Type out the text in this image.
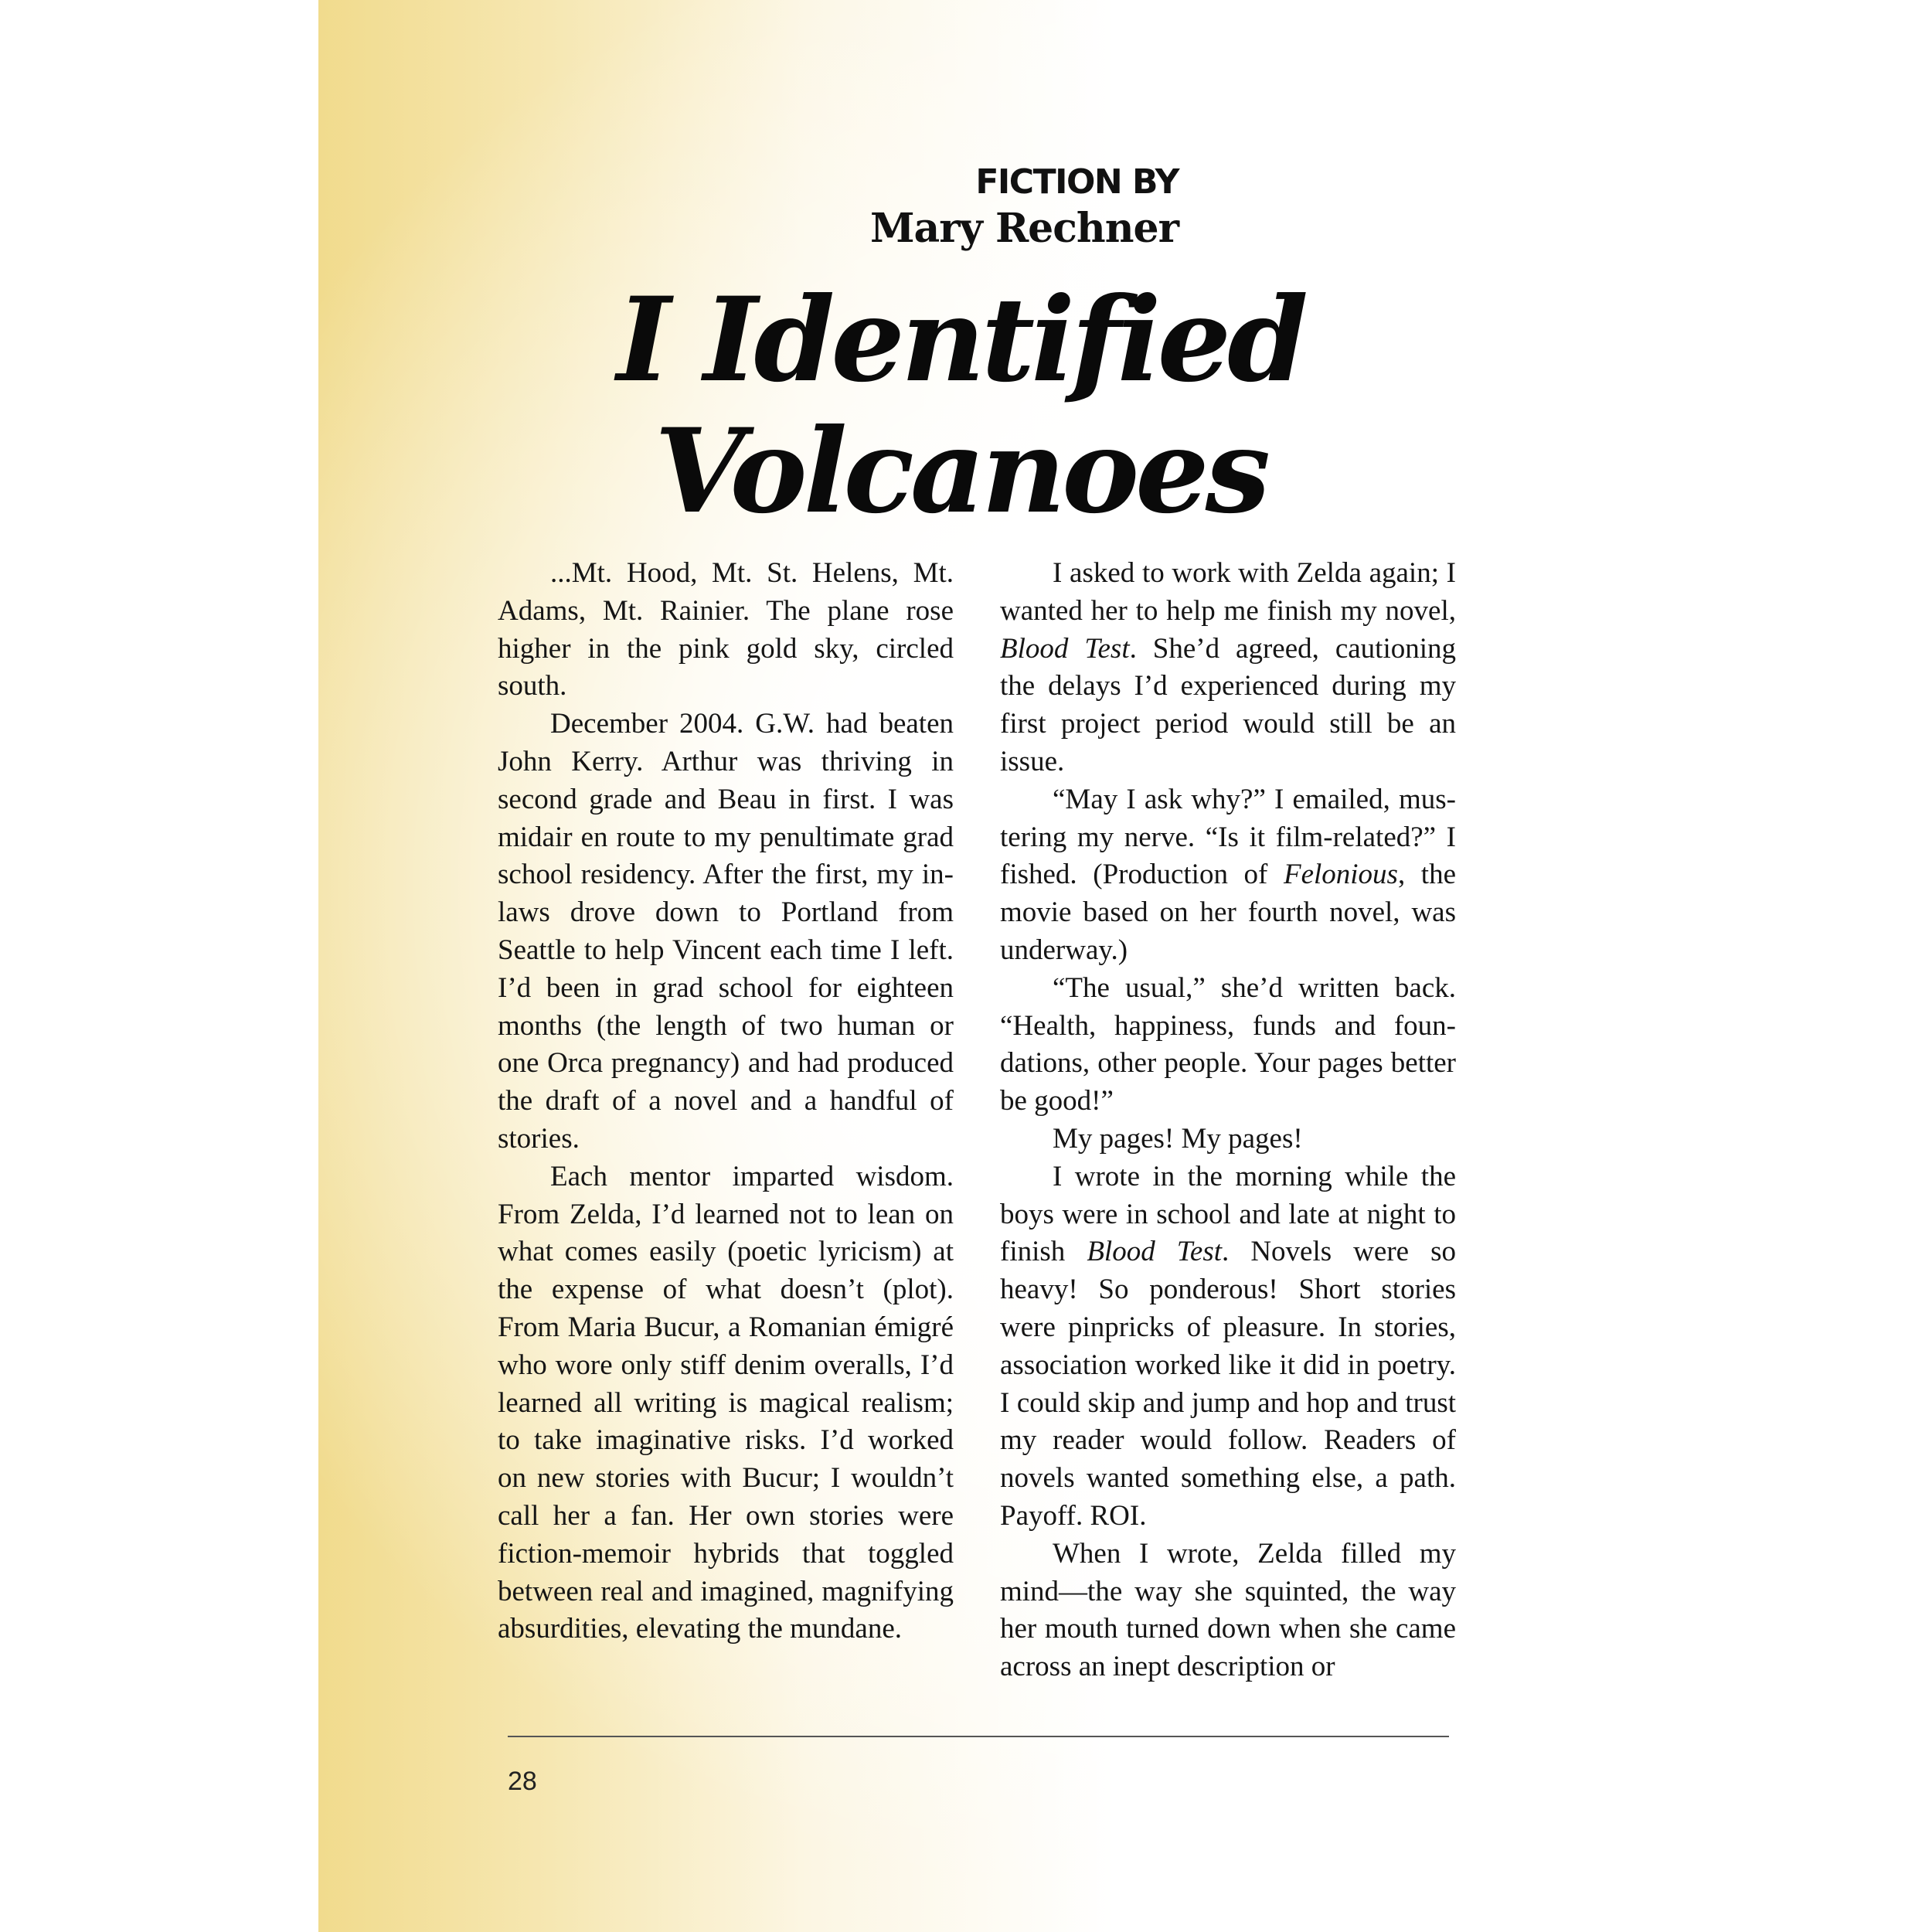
FICTION BY
Mary Rechner
I Identified
Volcanoes

...Mt. Hood, Mt. St. Helens, Mt. Adams, Mt. Rainier. The plane rose higher in the pink gold sky, circled south.

December 2004. G.W. had beaten John Kerry. Arthur was thriving in second grade and Beau in first. I was midair en route to my penultimate grad school residency. After the first, my in-laws drove down to Portland from Seattle to help Vincent each time I left. I’d been in grad school for eighteen months (the length of two human or one Orca pregnancy) and had produced the draft of a novel and a handful of stories.

Each mentor imparted wisdom. From Zelda, I’d learned not to lean on what comes easily (poetic lyricism) at the expense of what doesn’t (plot). From Maria Bucur, a Romanian émigré who wore only stiff denim overalls, I’d learned all writing is magical realism; to take imaginative risks. I’d worked on new stories with Bucur; I wouldn’t call her a fan. Her own stories were fiction-memoir hybrids that toggled between real and imagined, magnifying absurdities, elevating the mundane.

I asked to work with Zelda again; I wanted her to help me finish my novel, Blood Test. She’d agreed, cautioning the delays I’d experienced during my first project period would still be an issue.

“May I ask why?” I emailed, mustering my nerve. “Is it film-related?” I fished. (Production of Felonious, the movie based on her fourth novel, was underway.)

“The usual,” she’d written back. “Health, happiness, funds and foundations, other people. Your pages better be good!”

My pages! My pages!

I wrote in the morning while the boys were in school and late at night to finish Blood Test. Novels were so heavy! So ponderous! Short stories were pinpricks of pleasure. In stories, association worked like it did in poetry. I could skip and jump and hop and trust my reader would follow. Readers of novels wanted something else, a path. Payoff. ROI.

When I wrote, Zelda filled my mind—the way she squinted, the way her mouth turned down when she came across an inept description or

28
